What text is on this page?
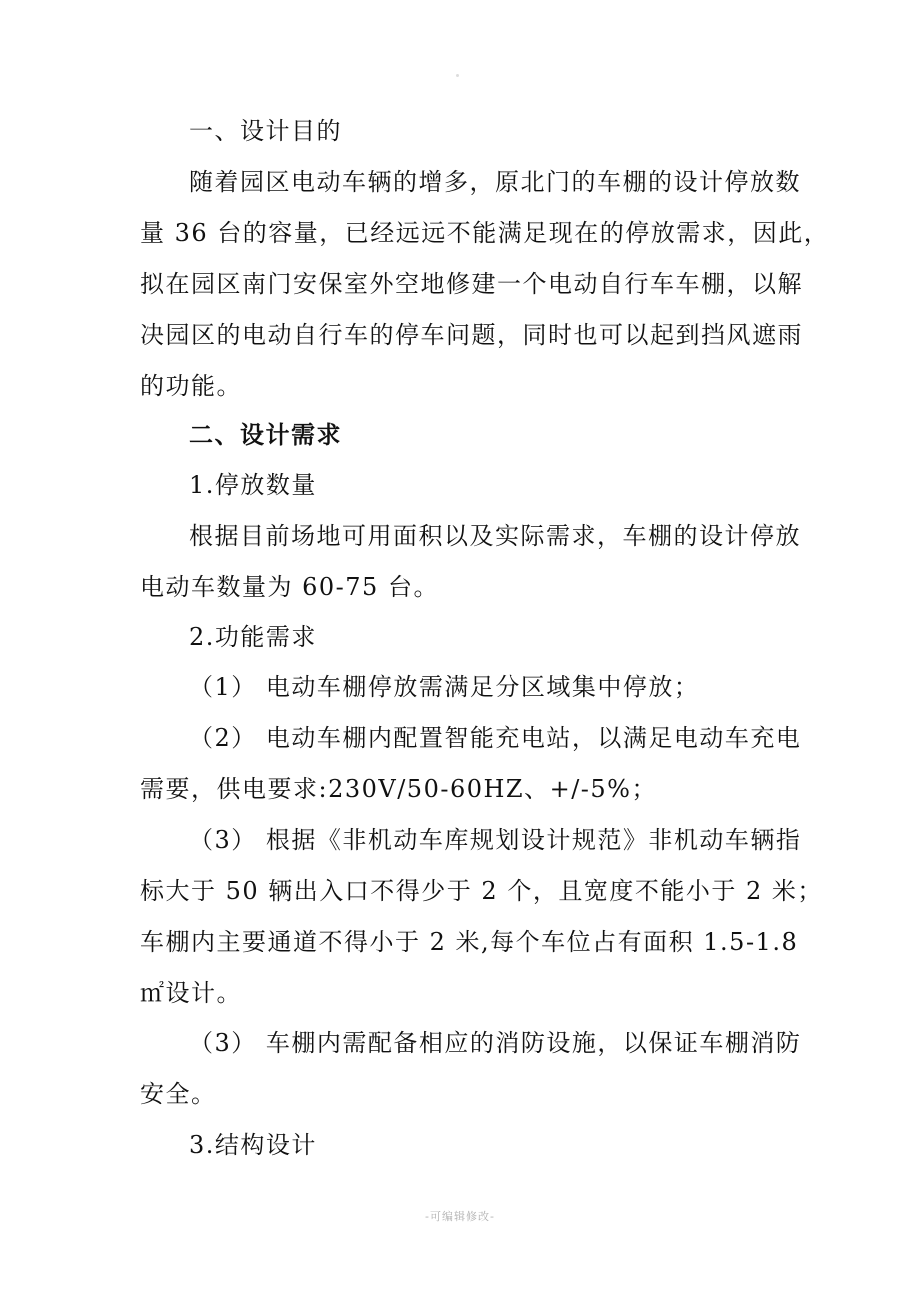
一、设计目的
随着园区电动车辆的增多，原北门的车棚的设计停放数
量 36 台的容量，已经远远不能满足现在的停放需求，因此，
拟在园区南门安保室外空地修建一个电动自行车车棚，以解
决园区的电动自行车的停车问题，同时也可以起到挡风遮雨
的功能。
二、设计需求
1.停放数量
根据目前场地可用面积以及实际需求，车棚的设计停放
电动车数量为 60-75 台。
2.功能需求
（1） 电动车棚停放需满足分区域集中停放；
（2） 电动车棚内配置智能充电站，以满足电动车充电
需要，供电要求:230V/50-60HZ、+/-5%；
（3） 根据《非机动车库规划设计规范》非机动车辆指
标大于 50 辆出入口不得少于 2 个，且宽度不能小于 2 米；
车棚内主要通道不得小于 2 米,每个车位占有面积 1.5-1.8
㎡设计。
（3） 车棚内需配备相应的消防设施，以保证车棚消防
安全。
3.结构设计
-可编辑修改-
